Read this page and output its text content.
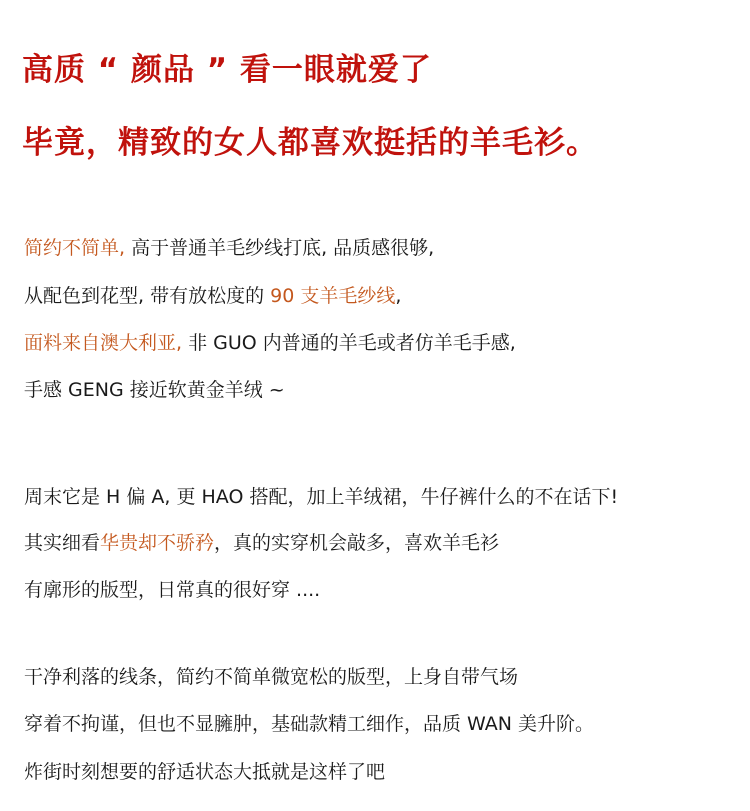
高质 “ 颜品 ” 看一眼就爱了
毕竟，精致的女人都喜欢挺括的羊毛衫。

简约不简单, 高于普通羊毛纱线打底, 品质感很够,

从配色到花型, 带有放松度的 90 支羊毛纱线,

面料来自澳大利亚, 非 GUO 内普通的羊毛或者仿羊毛手感,

手感 GENG 接近软黄金羊绒 ~

周末它是 H 偏 A, 更 HAO 搭配，加上羊绒裙，牛仔裤什么的不在话下!

其实细看华贵却不骄矜，真的实穿机会敲多，喜欢羊毛衫

有廓形的版型，日常真的很好穿 ....

干净利落的线条，简约不简单微宽松的版型，上身自带气场

穿着不拘谨，但也不显臃肿，基础款精工细作，品质 WAN 美升阶。

炸街时刻想要的舒适状态大抵就是这样了吧
